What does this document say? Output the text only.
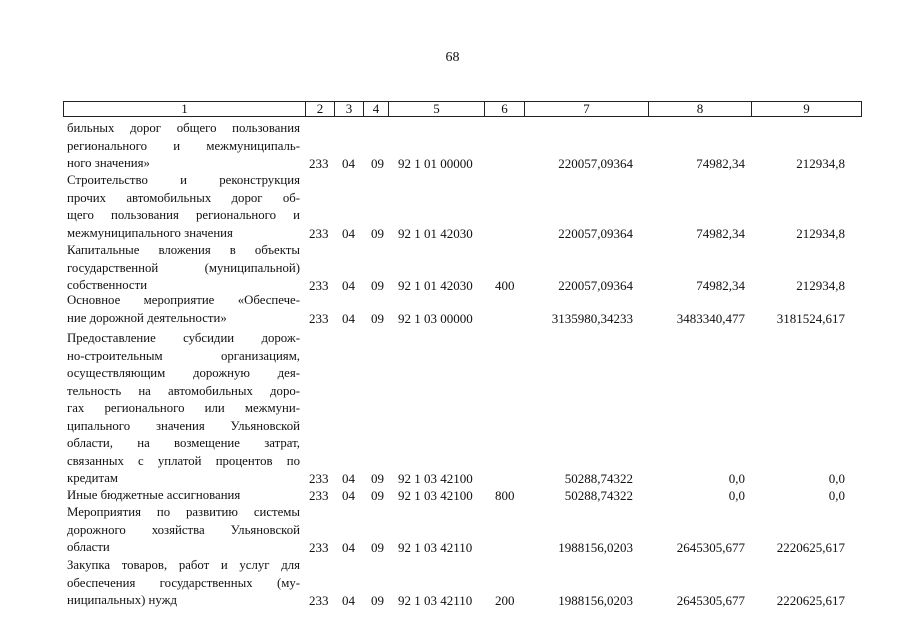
68
1	2	3	4	5	6	7	8	9
бильных дорог общего пользования
регионального и межмуниципаль-
ного значения»	233 04 09 92 1 01 00000	220057,09364	74982,34	212934,8
Строительство	и	реконструкция
прочих автомобильных дорог об-
щего пользования регионального и
межмуниципального значения	233 04 09 92 1 01 42030	220057,09364	74982,34	212934,8
Капитальные вложения в объекты
государственной	(муниципальной)
собственности	233 04 09 92 1 01 42030 400	220057,09364	74982,34	212934,8
Основное мероприятие «Обеспече-
ние дорожной деятельности»	233 04 09 92 1 03 00000	3135980,34233	3483340,477 3181524,617
Предоставление субсидии дорож-
но-строительным	организациям,
осуществляющим дорожную дея-
тельность на автомобильных доро-
гах регионального или межмуни-
ципального значения Ульяновской
области, на возмещение затрат,
связанных с уплатой процентов по
кредитам	233 04 09 92 1 03 42100	50288,74322	0,0	0,0
Иные бюджетные ассигнования	233 04 09 92 1 03 42100 800	50288,74322	0,0	0,0
Мероприятия по развитию системы
дорожного хозяйства Ульяновской
области	233 04 09 92 1 03 42110	1988156,0203	2645305,677 2220625,617
Закупка товаров, работ и услуг для
обеспечения государственных (му-
ниципальных) нужд	233 04 09 92 1 03 42110 200	1988156,0203	2645305,677 2220625,617
